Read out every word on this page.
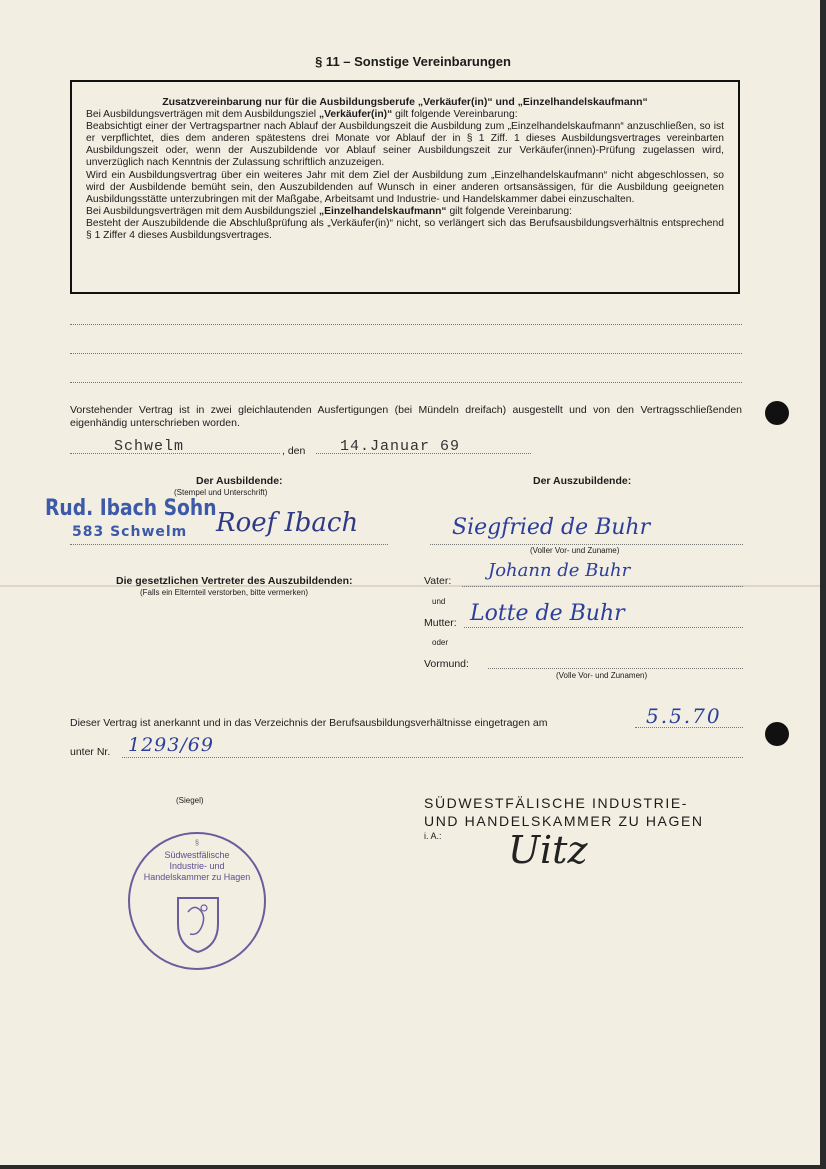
§ 11 – Sonstige Vereinbarungen

Zusatzvereinbarung nur für die Ausbildungsberufe „Verkäufer(in)“ und „Einzelhandelskaufmann“

Bei Ausbildungsverträgen mit dem Ausbildungsziel „Verkäufer(in)“ gilt folgende Vereinbarung:

Beabsichtigt einer der Vertragspartner nach Ablauf der Ausbildungszeit die Ausbildung zum „Einzelhandelskaufmann“ anzuschließen, so ist er verpflichtet, dies dem anderen spätestens drei Monate vor Ablauf der in § 1 Ziff. 1 dieses Ausbildungsvertrages vereinbarten Ausbildungszeit oder, wenn der Auszubildende vor Ablauf seiner Ausbildungszeit zur Verkäufer(innen)-Prüfung zugelassen wird, unverzüglich nach Kenntnis der Zulassung schriftlich anzuzeigen.

Wird ein Ausbildungsvertrag über ein weiteres Jahr mit dem Ziel der Ausbildung zum „Einzelhandelskaufmann“ nicht abgeschlossen, so wird der Ausbildende bemüht sein, den Auszubildenden auf Wunsch in einer anderen ortsansässigen, für die Ausbildung geeigneten Ausbildungsstätte unterzubringen mit der Maßgabe, Arbeitsamt und Industrie- und Handelskammer dabei einzuschalten.

Bei Ausbildungsverträgen mit dem Ausbildungsziel „Einzelhandelskaufmann“ gilt folgende Vereinbarung:

Besteht der Auszubildende die Abschlußprüfung als „Verkäufer(in)“ nicht, so verlängert sich das Berufsausbildungsverhältnis entsprechend § 1 Ziffer 4 dieses Ausbildungsvertrages.

Vorstehender Vertrag ist in zwei gleichlautenden Ausfertigungen (bei Mündeln dreifach) ausgestellt und von den Vertragsschließenden eigenhändig unterschrieben worden.
Schwelm	, den 14.Januar 69
Der Ausbildende:
(Stempel und Unterschrift)
Rud. Ibach Sohn
583 Schwelm Roef Ibach
Der Auszubildende:
Siegfried de Buhr
(Voller Vor- und Zuname)
Die gesetzlichen Vertreter des Auszubildenden:
(Falls ein Elternteil verstorben, bitte vermerken)
Vater: Johann de Buhr
und
Mutter: Lotte de Buhr
oder
Vormund:
(Volle Vor- und Zunamen)
Dieser Vertrag ist anerkannt und in das Verzeichnis der Berufsausbildungsverhältnisse eingetragen am	5.5.70
unter Nr. 1293/69
(Siegel)
§
Südwestfälische
Industrie- und
Handelskammer zu Hagen
SÜDWESTFÄLISCHE INDUSTRIE-
UND HANDELSKAMMER ZU HAGEN
i. A.: Uitz
